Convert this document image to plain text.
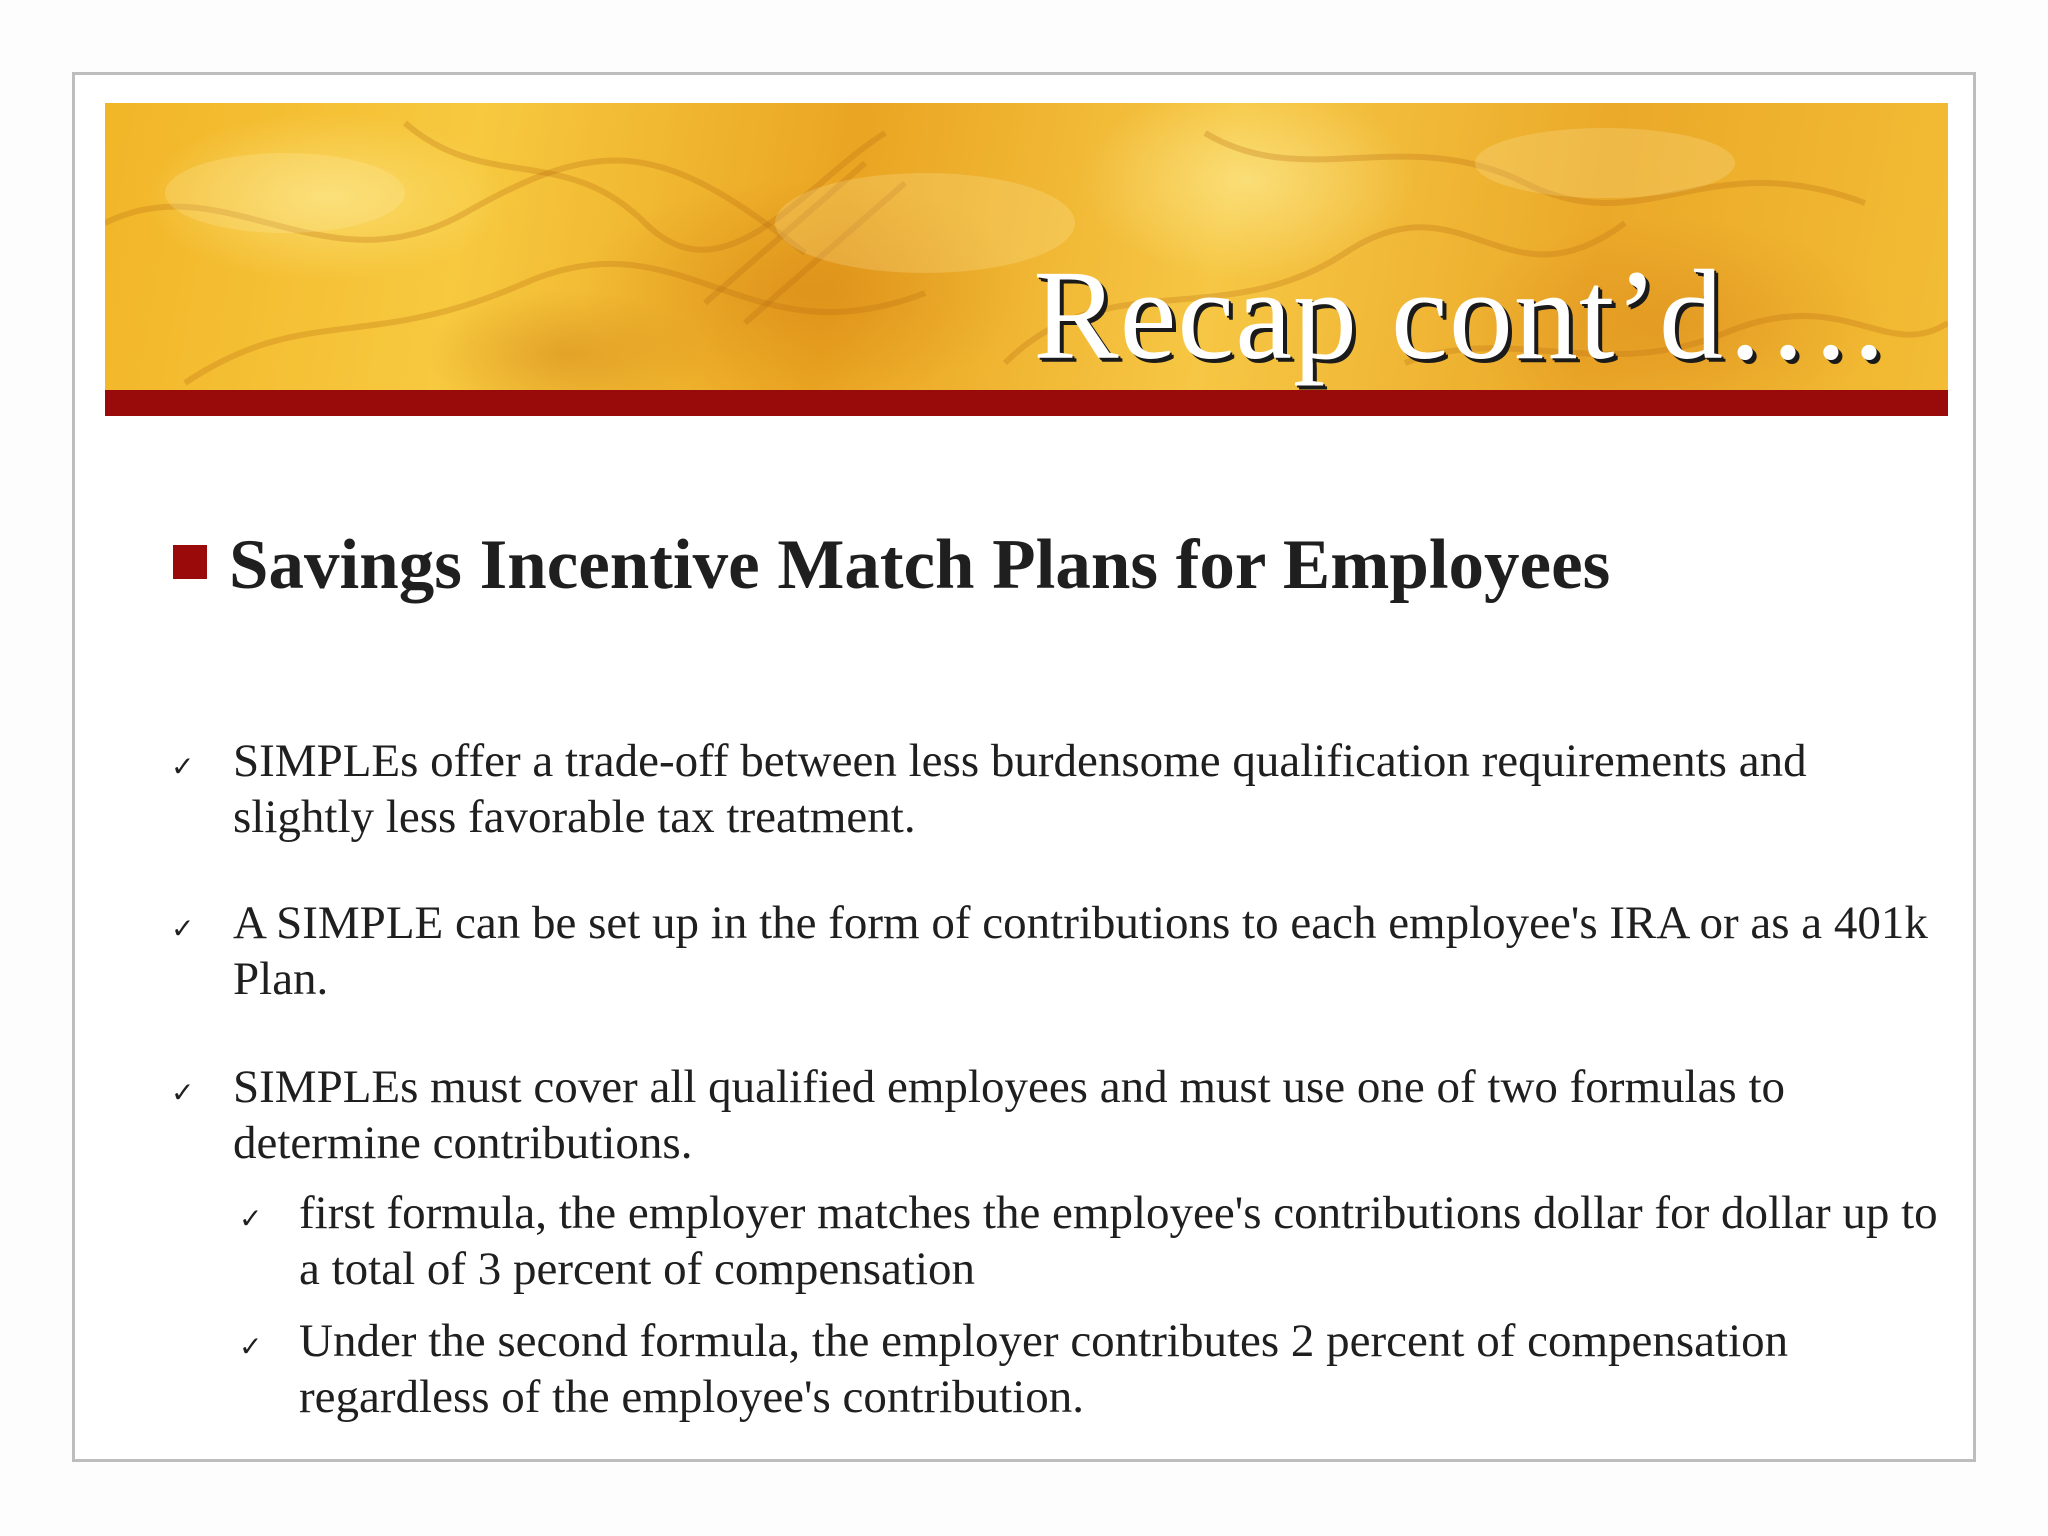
Recap cont’d….
Savings Incentive Match Plans for Employees
✓ SIMPLEs offer a trade-off between less burdensome qualification requirements and slightly less favorable tax treatment.

✓ A SIMPLE can be set up in the form of contributions to each employee's IRA or as a 401k Plan.

✓ SIMPLEs must cover all qualified employees and must use one of two formulas to determine contributions.

✓ first formula, the employer matches the employee's contributions dollar for dollar up to a total of 3 percent of compensation

✓ Under the second formula, the employer contributes 2 percent of compensation regardless of the employee's contribution.
